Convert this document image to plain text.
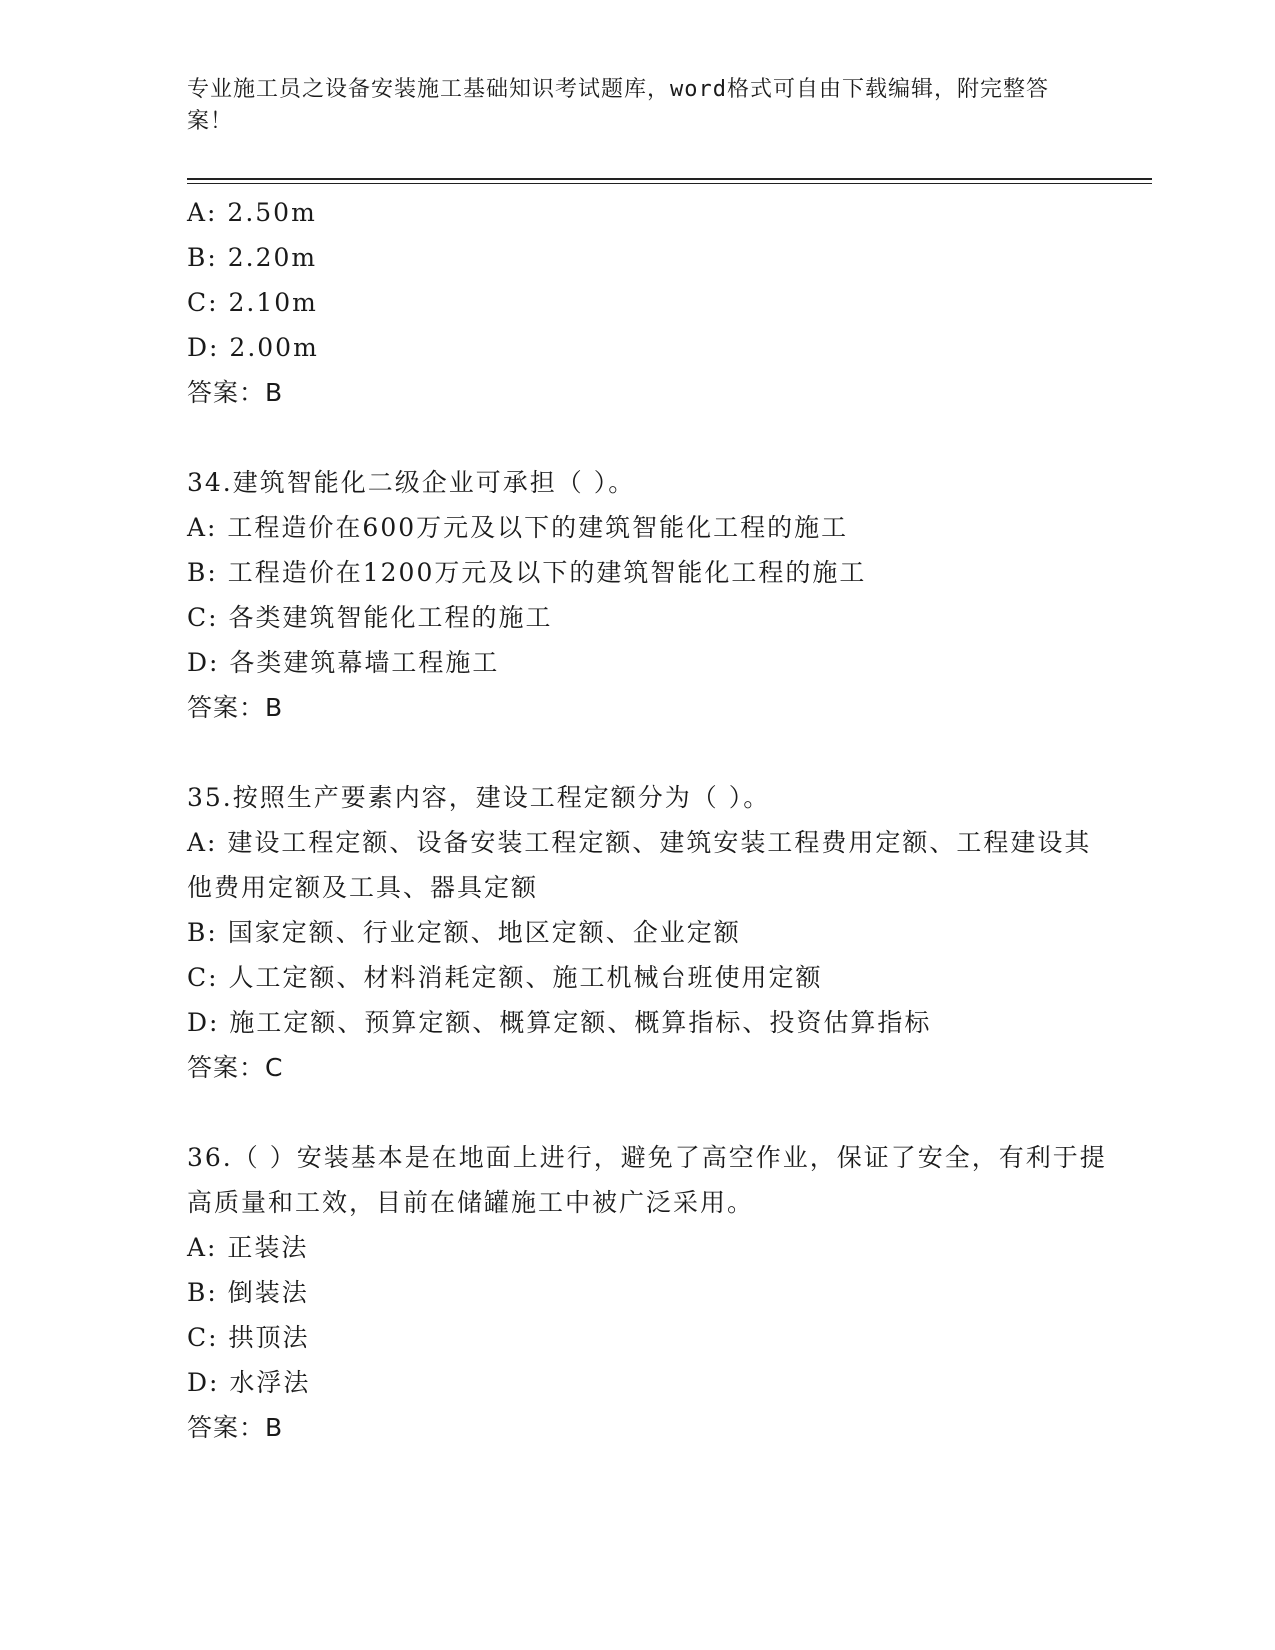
专业施工员之设备安装施工基础知识考试题库，word格式可自由下载编辑，附完整答案！
A: 2.50m
B: 2.20m
C: 2.10m
D: 2.00m
答案：B
34.建筑智能化二级企业可承担（ ）。
A: 工程造价在600万元及以下的建筑智能化工程的施工
B: 工程造价在1200万元及以下的建筑智能化工程的施工
C: 各类建筑智能化工程的施工
D: 各类建筑幕墙工程施工
答案：B
35.按照生产要素内容，建设工程定额分为（ ）。
A: 建设工程定额、设备安装工程定额、建筑安装工程费用定额、工程建设其他费用定额及工具、器具定额
B: 国家定额、行业定额、地区定额、企业定额
C: 人工定额、材料消耗定额、施工机械台班使用定额
D: 施工定额、预算定额、概算定额、概算指标、投资估算指标
答案：C
36.（ ）安装基本是在地面上进行，避免了高空作业，保证了安全，有利于提高质量和工效，目前在储罐施工中被广泛采用。
A: 正装法
B: 倒装法
C: 拱顶法
D: 水浮法
答案：B
